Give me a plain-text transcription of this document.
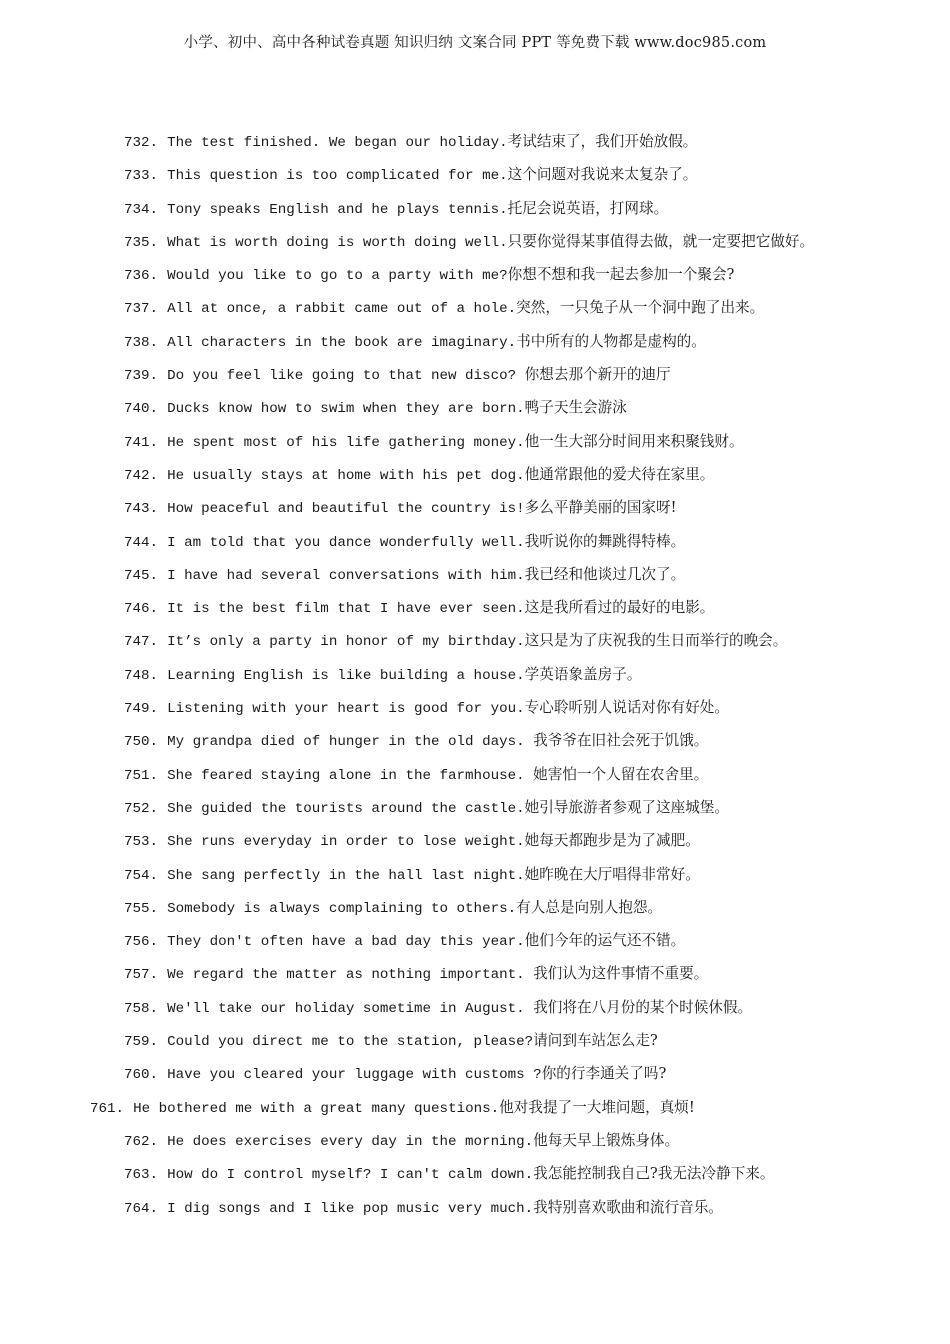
小学、初中、高中各种试卷真题 知识归纳 文案合同 PPT 等免费下载 www.doc985.com
732. The test finished. We began our holiday.考试结束了，我们开始放假。
733. This question is too complicated for me.这个问题对我说来太复杂了。
734. Tony speaks English and he plays tennis.托尼会说英语，打网球。
735. What is worth doing is worth doing well.只要你觉得某事值得去做，就一定要把它做好。
736. Would you like to go to a party with me?你想不想和我一起去参加一个聚会?
737. All at once, a rabbit came out of a hole.突然，一只兔子从一个洞中跑了出来。
738. All characters in the book are imaginary.书中所有的人物都是虚构的。
739. Do you feel like going to that new disco? 你想去那个新开的迪厅
740. Ducks know how to swim when they are born.鸭子天生会游泳
741. He spent most of his life gathering money.他一生大部分时间用来积聚钱财。
742. He usually stays at home with his pet dog.他通常跟他的爱犬待在家里。
743. How peaceful and beautiful the country is!多么平静美丽的国家呀!
744. I am told that you dance wonderfully well.我听说你的舞跳得特棒。
745. I have had several conversations with him.我已经和他谈过几次了。
746. It is the best film that I have ever seen.这是我所看过的最好的电影。
747. It’s only a party in honor of my birthday.这只是为了庆祝我的生日而举行的晚会。
748. Learning English is like building a house.学英语象盖房子。
749. Listening with your heart is good for you.专心聆听别人说话对你有好处。
750. My grandpa died of hunger in the old days. 我爷爷在旧社会死于饥饿。
751. She feared staying alone in the farmhouse. 她害怕一个人留在农舍里。
752. She guided the tourists around the castle.她引导旅游者参观了这座城堡。
753. She runs everyday in order to lose weight.她每天都跑步是为了减肥。
754. She sang perfectly in the hall last night.她昨晚在大厅唱得非常好。
755. Somebody is always complaining to others.有人总是向别人抱怨。
756. They don't often have a bad day this year.他们今年的运气还不错。
757. We regard the matter as nothing important. 我们认为这件事情不重要。
758. We'll take our holiday sometime in August. 我们将在八月份的某个时候休假。
759. Could you direct me to the station, please?请问到车站怎么走?
760. Have you cleared your luggage with customs ?你的行李通关了吗?
761. He bothered me with a great many questions.他对我提了一大堆问题，真烦!
762. He does exercises every day in the morning.他每天早上锻炼身体。
763. How do I control myself? I can't calm down.我怎能控制我自己?我无法冷静下来。
764. I dig songs and I like pop music very much.我特别喜欢歌曲和流行音乐。
